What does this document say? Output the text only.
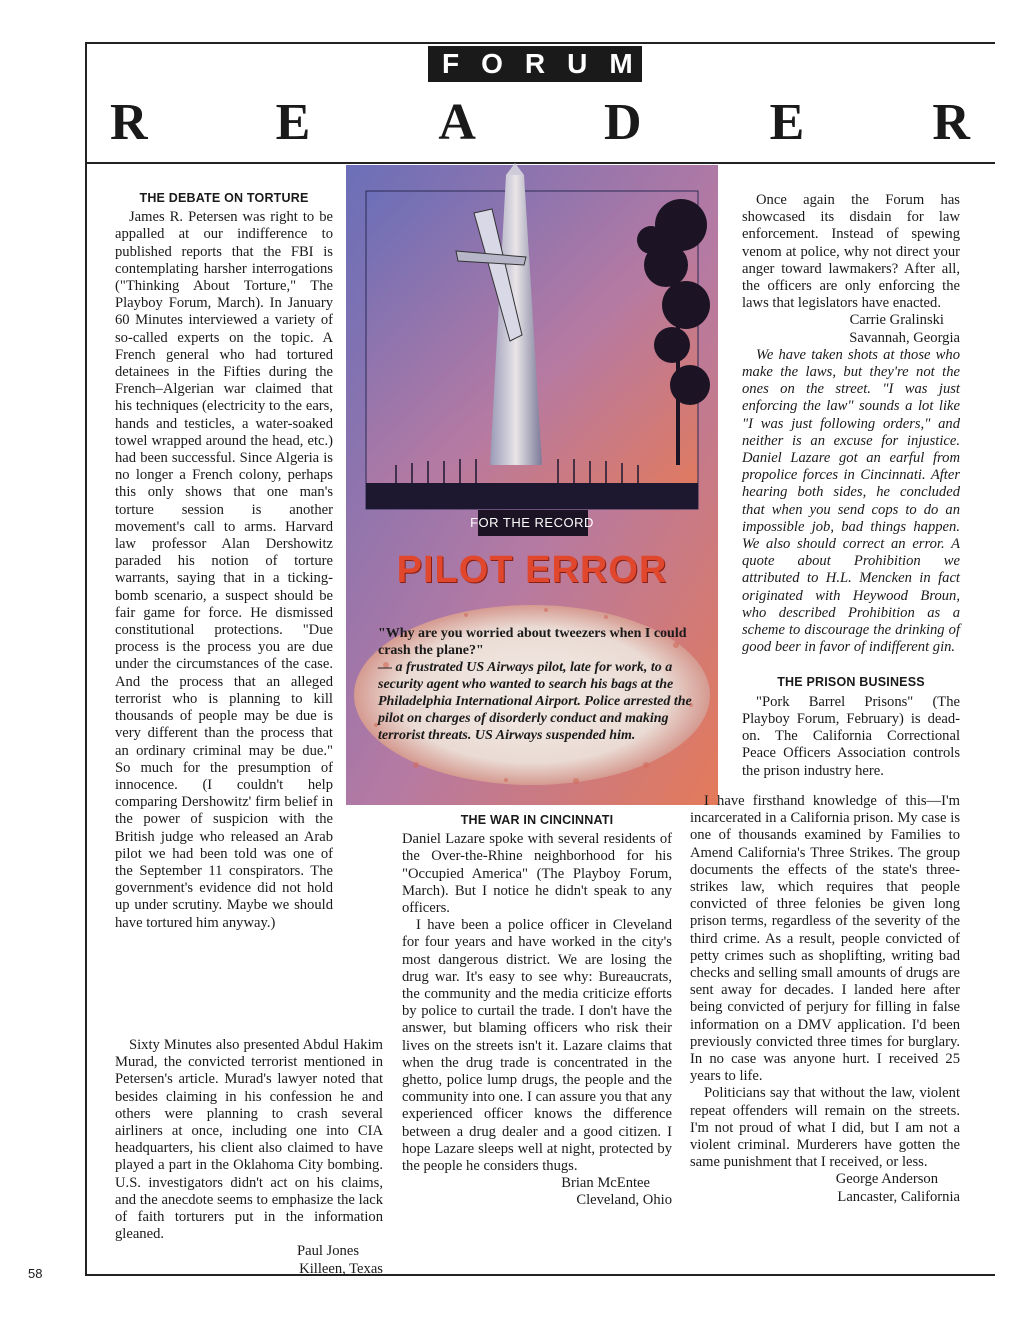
FORUM
R E A D E R
THE DEBATE ON TORTURE

James R. Petersen was right to be appalled at our indifference to published reports that the FBI is contemplating harsher interrogations ("Thinking About Torture," The Playboy Forum, March). In January 60 Minutes interviewed a variety of so-called experts on the topic. A French general who had tortured detainees in the Fifties during the French–Algerian war claimed that his techniques (electricity to the ears, hands and testicles, a water-soaked towel wrapped around the head, etc.) had been successful. Since Algeria is no longer a French colony, perhaps this only shows that one man's torture session is another movement's call to arms. Harvard law professor Alan Dershowitz paraded his notion of torture warrants, saying that in a ticking-bomb scenario, a suspect should be fair game for force. He dismissed constitutional protections. "Due process is the process you are due under the circumstances of the case. And the process that an alleged terrorist who is planning to kill thousands of people may be due is very different than the process that an ordinary criminal may be due." So much for the presumption of innocence. (I couldn't help comparing Dershowitz' firm belief in the power of suspicion with the British judge who released an Arab pilot we had been told was one of the September 11 conspirators. The government's evidence did not hold up under scrutiny. Maybe we should have tortured him anyway.)

Sixty Minutes also presented Abdul Hakim Murad, the convicted terrorist mentioned in Petersen's article. Murad's lawyer noted that besides claiming in his confession he and others were planning to crash several airliners at once, including one into CIA headquarters, his client also claimed to have played a part in the Oklahoma City bombing. U.S. investigators didn't act on his claims, and the anecdote seems to emphasize the lack of faith torturers put in the information gleaned.

Paul Jones

Killeen, Texas

FOR THE RECORD
PILOT ERROR
"Why are you worried about tweezers when I could crash the plane?"
— a frustrated US Airways pilot, late for work, to a security agent who wanted to search his bags at the Philadelphia International Airport. Police arrested the pilot on charges of disorderly conduct and making terrorist threats. US Airways suspended him.
THE WAR IN CINCINNATI

Daniel Lazare spoke with several residents of the Over-the-Rhine neighborhood for his "Occupied America" (The Playboy Forum, March). But I notice he didn't speak to any officers.

I have been a police officer in Cleveland for four years and have worked in the city's most dangerous district. We are losing the drug war. It's easy to see why: Bureaucrats, the community and the media criticize efforts by police to curtail the trade. I don't have the answer, but blaming officers who risk their lives on the streets isn't it. Lazare claims that when the drug trade is concentrated in the ghetto, police lump drugs, the people and the community into one. I can assure you that any experienced officer knows the difference between a drug dealer and a good citizen. I hope Lazare sleeps well at night, protected by the people he considers thugs.

Brian McEntee

Cleveland, Ohio

Once again the Forum has showcased its disdain for law enforcement. Instead of spewing venom at police, why not direct your anger toward lawmakers? After all, the officers are only enforcing the laws that legislators have enacted.

Carrie Gralinski

Savannah, Georgia

We have taken shots at those who make the laws, but they're not the ones on the street. "I was just enforcing the law" sounds a lot like "I was just following orders," and neither is an excuse for injustice. Daniel Lazare got an earful from propolice forces in Cincinnati. After hearing both sides, he concluded that when you send cops to do an impossible job, bad things happen. We also should correct an error. A quote about Prohibition we attributed to H.L. Mencken in fact originated with Heywood Broun, who described Prohibition as a scheme to discourage the drinking of good beer in favor of indifferent gin.

THE PRISON BUSINESS

"Pork Barrel Prisons" (The Playboy Forum, February) is dead-on. The California Correctional Peace Officers Association controls the prison industry here.

I have firsthand knowledge of this—I'm incarcerated in a California prison. My case is one of thousands examined by Families to Amend California's Three Strikes. The group documents the effects of the state's three-strikes law, which requires that people convicted of three felonies be given long prison terms, regardless of the severity of the third crime. As a result, people convicted of petty crimes such as shoplifting, writing bad checks and selling small amounts of drugs are sent away for decades. I landed here after being convicted of perjury for filling in false information on a DMV application. I'd been previously convicted three times for burglary. In no case was anyone hurt. I received 25 years to life.

Politicians say that without the law, violent repeat offenders will remain on the streets. I'm not proud of what I did, but I am not a violent criminal. Murderers have gotten the same punishment that I received, or less.

George Anderson

Lancaster, California

58
